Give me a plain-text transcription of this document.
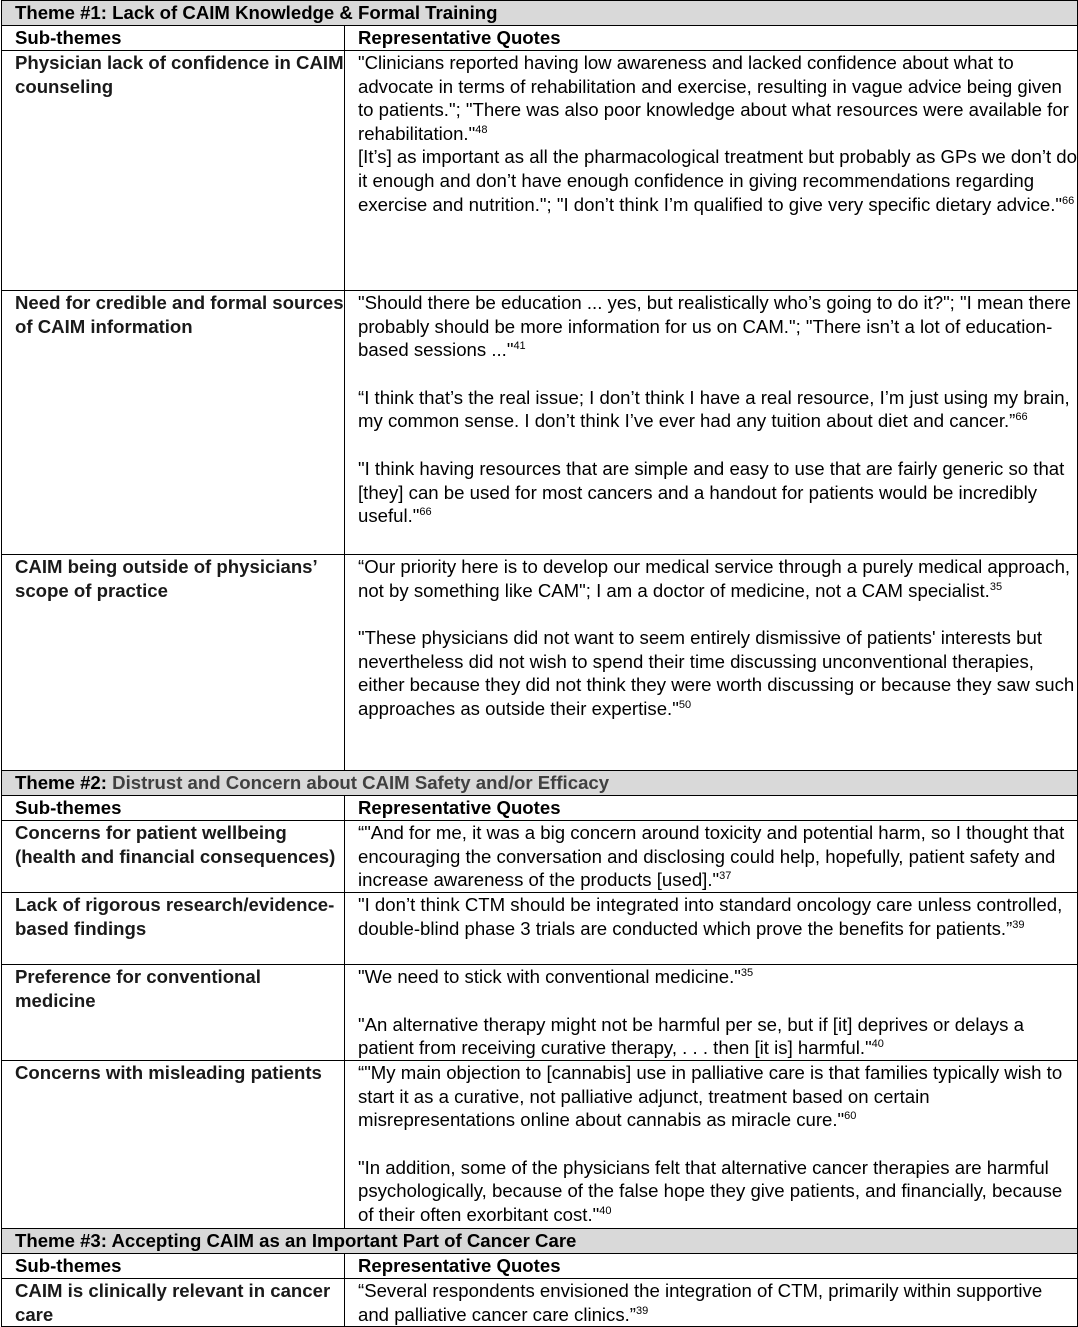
Theme #1: Lack of CAIM Knowledge & Formal Training	
Sub-themes	Representative Quotes
Physician lack of confidence in CAIM counseling	"Clinicians reported having low awareness and lacked confidence about what to advocate in terms of rehabilitation and exercise, resulting in vague advice being given to patients."; "There was also poor knowledge about what resources were available for rehabilitation."$^{48}$
[It’s] as important as all the pharmacological treatment but probably as GPs we don’t do it enough and don’t have enough confidence in giving recommendations regarding exercise and nutrition."; "I don’t think I’m qualified to give very specific dietary advice."$^{66}$

Need for credible and formal sources of CAIM information	"Should there be education ... yes, but realistically who’s going to do it?"; "I mean there probably should be more information for us on CAM."; "There isn’t a lot of education-based sessions ..."$^{41}$
“I think that’s the real issue; I don’t think I have a real resource, I’m just using my brain, my common sense. I don’t think I’ve ever had any tuition about diet and cancer.”$^{66}$
"I think having resources that are simple and easy to use that are fairly generic so that [they] can be used for most cancers and a handout for patients would be incredibly useful."$^{66}$

CAIM being outside of physicians’ scope of practice	“Our priority here is to develop our medical service through a purely medical approach, not by something like CAM"; I am a doctor of medicine, not a CAM specialist.$^{35}$
"These physicians did not want to seem entirely dismissive of patients' interests but nevertheless did not wish to spend their time discussing unconventional therapies, either because they did not think they were worth discussing or because they saw such approaches as outside their expertise."$^{50}$

Theme #2: Distrust and Concern about CAIM Safety and/or Efficacy	
Sub-themes	Representative Quotes
Concerns for patient wellbeing (health and financial consequences)	“"And for me, it was a big concern around toxicity and potential harm, so I thought that encouraging the conversation and disclosing could help, hopefully, patient safety and increase awareness of the products [used]."$^{37}$

Lack of rigorous research/evidence-based findings	"I don’t think CTM should be integrated into standard oncology care unless controlled, double-blind phase 3 trials are conducted which prove the benefits for patients.”$^{39}$

Preference for conventional medicine	"We need to stick with conventional medicine."$^{35}$
"An alternative therapy might not be harmful per se, but if [it] deprives or delays a patient from receiving curative therapy, . . . then [it is] harmful."$^{40}$

Concerns with misleading patients	“"My main objection to [cannabis] use in palliative care is that families typically wish to start it as a curative, not palliative adjunct, treatment based on certain misrepresentations online about cannabis as miracle cure."$^{60}$
"In addition, some of the physicians felt that alternative cancer therapies are harmful psychologically, because of the false hope they give patients, and financially, because of their often exorbitant cost."$^{40}$

Theme #3: Accepting CAIM as an Important Part of Cancer Care	
Sub-themes	Representative Quotes
CAIM is clinically relevant in cancer care	“Several respondents envisioned the integration of CTM, primarily within supportive and palliative cancer care clinics.”$^{39}$
